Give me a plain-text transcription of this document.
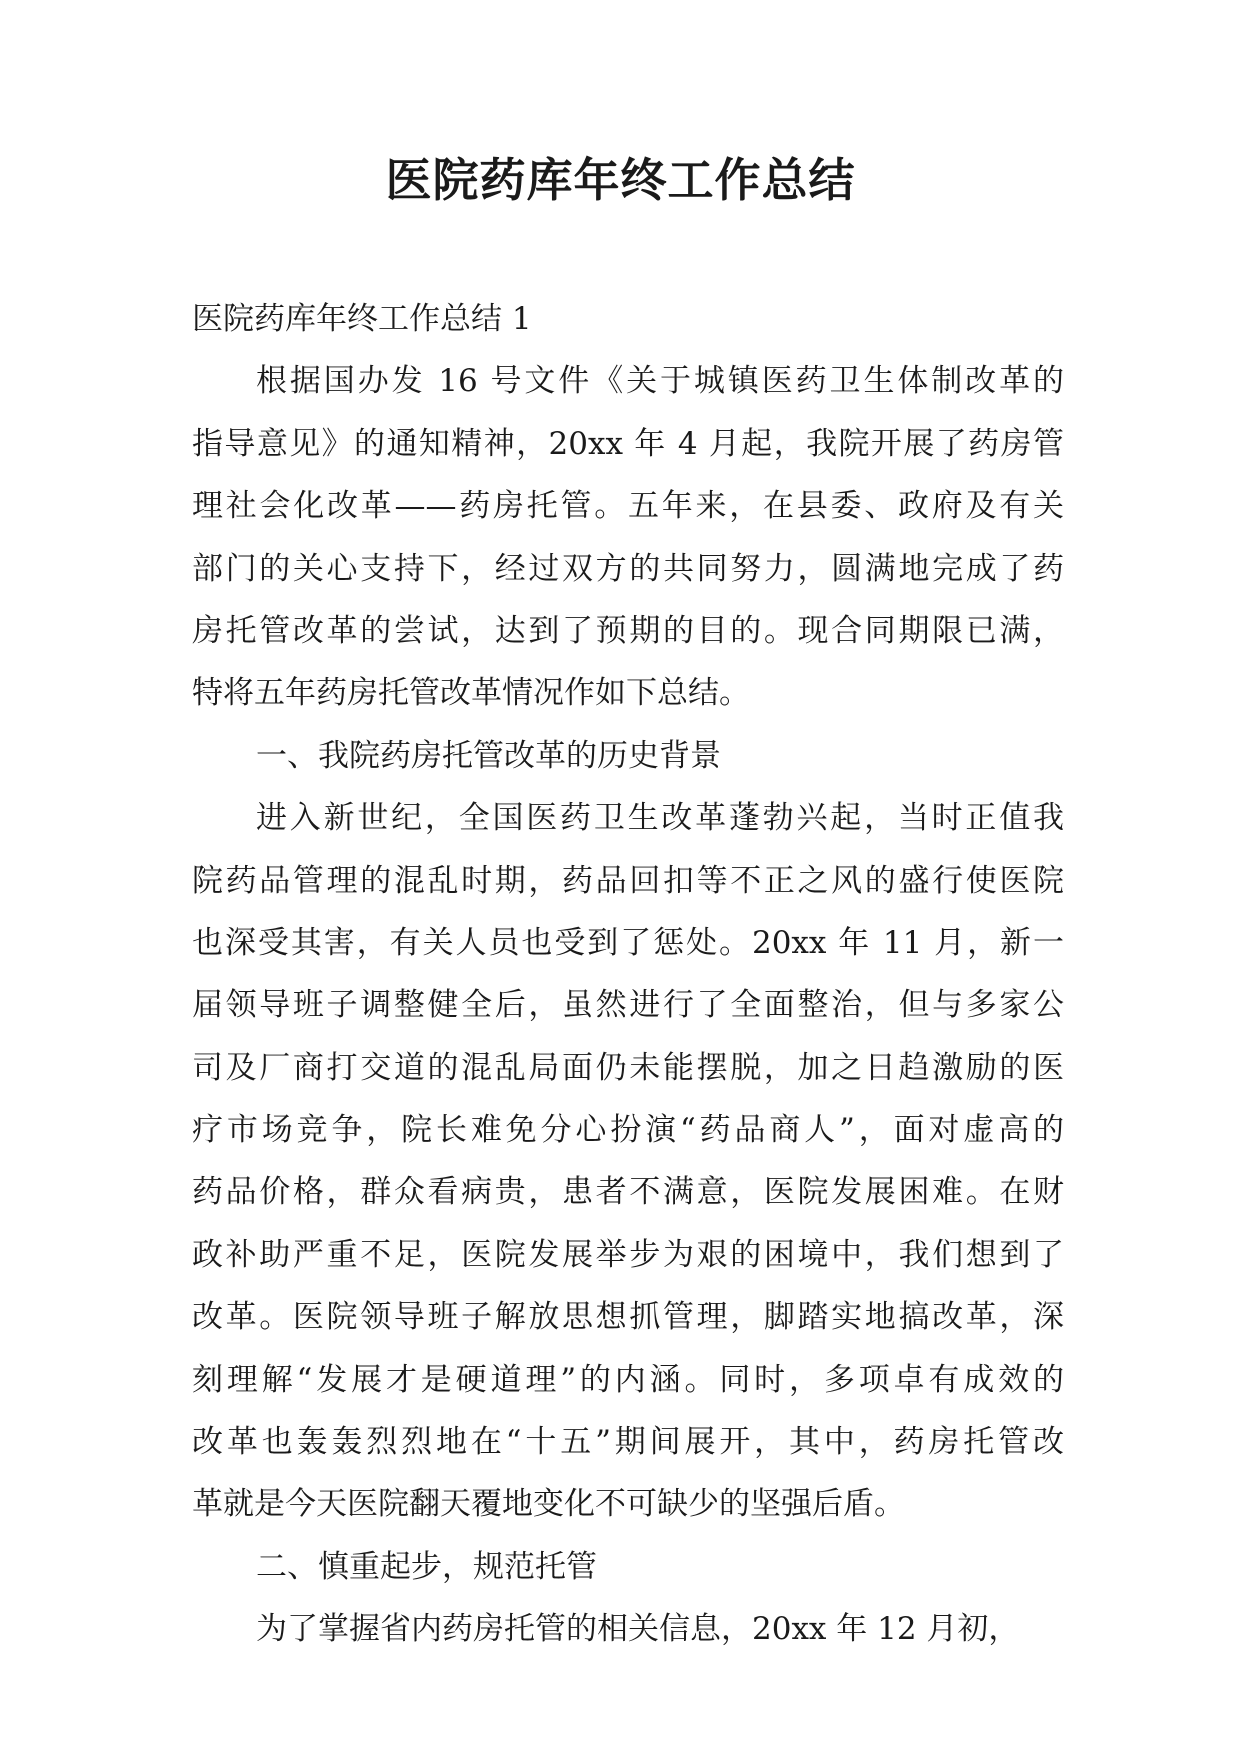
医院药库年终工作总结
医院药库年终工作总结 1
根据国办发 16 号文件《关于城镇医药卫生体制改革的
指导意见》的通知精神，20xx 年 4 月起，我院开展了药房管
理社会化改革——药房托管。五年来，在县委、政府及有关
部门的关心支持下，经过双方的共同努力，圆满地完成了药
房托管改革的尝试，达到了预期的目的。现合同期限已满，
特将五年药房托管改革情况作如下总结。
一、我院药房托管改革的历史背景
进入新世纪，全国医药卫生改革蓬勃兴起，当时正值我
院药品管理的混乱时期，药品回扣等不正之风的盛行使医院
也深受其害，有关人员也受到了惩处。20xx 年 11 月，新一
届领导班子调整健全后，虽然进行了全面整治，但与多家公
司及厂商打交道的混乱局面仍未能摆脱，加之日趋激励的医
疗市场竞争，院长难免分心扮演“药品商人”，面对虚高的
药品价格，群众看病贵，患者不满意，医院发展困难。在财
政补助严重不足，医院发展举步为艰的困境中，我们想到了
改革。医院领导班子解放思想抓管理，脚踏实地搞改革，深
刻理解“发展才是硬道理”的内涵。同时，多项卓有成效的
改革也轰轰烈烈地在“十五”期间展开，其中，药房托管改
革就是今天医院翻天覆地变化不可缺少的坚强后盾。
二、慎重起步，规范托管
为了掌握省内药房托管的相关信息，20xx 年 12 月初，
